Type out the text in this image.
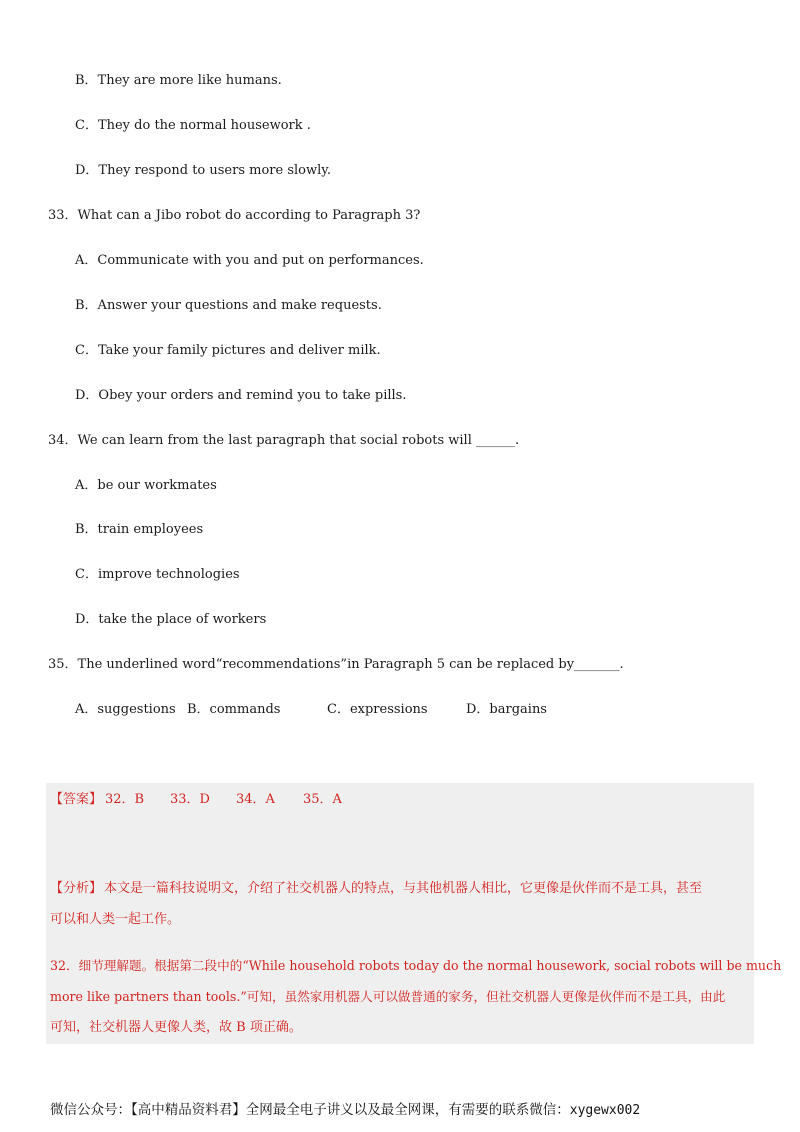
B．They are more like humans.
C．They do the normal housework .
D．They respond to users more slowly.
33．What can a Jibo robot do according to Paragraph 3?
A．Communicate with you and put on performances.
B．Answer your questions and make requests.
C．Take your family pictures and deliver milk.
D．Obey your orders and remind you to take pills.
34．We can learn from the last paragraph that social robots will ______.
A．be our workmates
B．train employees
C．improve technologies
D．take the place of workers
35．The underlined word“recommendations”in Paragraph 5 can be replaced by_______.
A．suggestions B．commands	C．expressions	D．bargains
【答案】 32．B 33．D 34．A 35．A
【分析】 本文是一篇科技说明文，介绍了社交机器人的特点，与其他机器人相比，它更像是伙伴而不是工具，甚至
可以和人类一起工作。
32．细节理解题。根据第二段中的“While household robots today do the normal housework, social robots will be much
more like partners than tools.”可知，虽然家用机器人可以做普通的家务，但社交机器人更像是伙伴而不是工具，由此
可知，社交机器人更像人类，故 B 项正确。
微信公众号：【高中精品资料君】全网最全电子讲义以及最全网课，有需要的联系微信：xygewx002
